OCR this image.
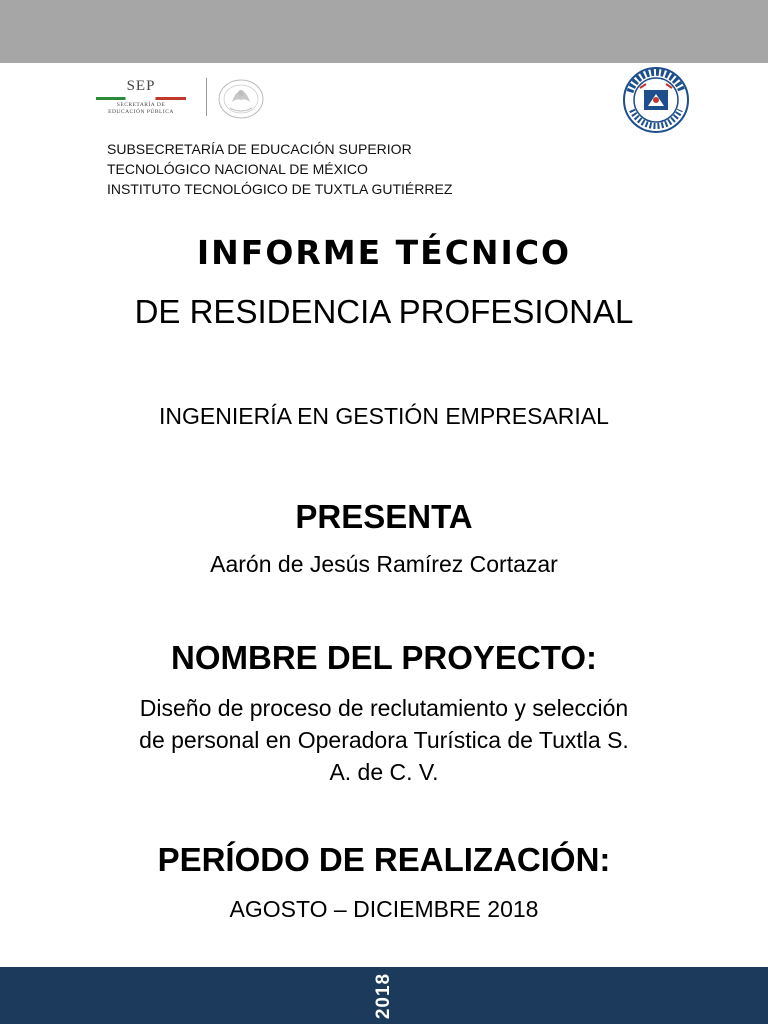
SEP
SECRETARÍA DE
EDUCACIÓN PÚBLICA
SUBSECRETARÍA DE EDUCACIÓN SUPERIOR
TECNOLÓGICO NACIONAL DE MÉXICO
INSTITUTO TECNOLÓGICO DE TUXTLA GUTIÉRREZ
INFORME TÉCNICO
DE RESIDENCIA PROFESIONAL
INGENIERÍA EN GESTIÓN EMPRESARIAL
PRESENTA
Aarón de Jesús Ramírez Cortazar
NOMBRE DEL PROYECTO:
Diseño de proceso de reclutamiento y selección
de personal en Operadora Turística de Tuxtla S.
A. de C. V.
PERÍODO DE REALIZACIÓN:
AGOSTO – DICIEMBRE 2018
2018
